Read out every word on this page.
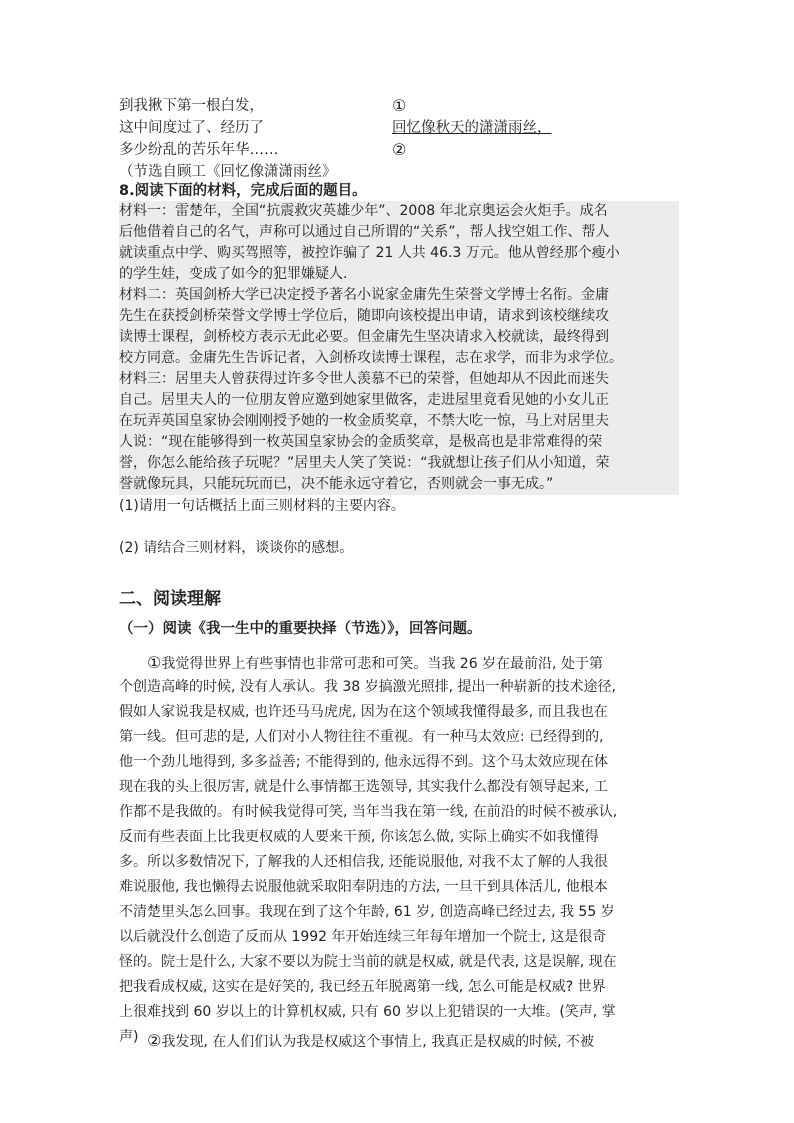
到我揪下第一根白发，
这中间度过了、经历了
多少纷乱的苦乐年华……
①
回忆像秋天的潇潇雨丝，
②
（节选自顾工《回忆像潇潇雨丝》
8.阅读下面的材料，完成后面的题目。
材料一：雷楚年，全国“抗震救灾英雄少年”、2008 年北京奥运会火炬手。成名
后他借着自己的名气，声称可以通过自己所谓的“关系”，帮人找空姐工作、帮人
就读重点中学、购买驾照等，被控诈骗了 21 人共 46.3 万元。他从曾经那个瘦小
的学生娃，变成了如今的犯罪嫌疑人.
材料二：英国剑桥大学已决定授予著名小说家金庸先生荣誉文学博士名衔。金庸
先生在获授剑桥荣誉文学博士学位后，随即向该校提出申请，请求到该校继续攻
读博士课程，剑桥校方表示无此必要。但金庸先生坚决请求入校就读，最终得到
校方同意。金庸先生告诉记者，入剑桥攻读博士课程，志在求学，而非为求学位。
材料三：居里夫人曾获得过许多令世人羡慕不已的荣誉，但她却从不因此而迷失
自己。居里夫人的一位朋友曾应邀到她家里做客，走进屋里竟看见她的小女儿正
在玩弄英国皇家协会刚刚授予她的一枚金质奖章，不禁大吃一惊，马上对居里夫
人说：“现在能够得到一枚英国皇家协会的金质奖章，是极高也是非常难得的荣
誉，你怎么能给孩子玩呢？”居里夫人笑了笑说：“我就想让孩子们从小知道，荣
誉就像玩具，只能玩玩而已，决不能永远守着它，否则就会一事无成。”
(1)请用一句话概括上面三则材料的主要内容。
(2) 请结合三则材料，谈谈你的感想。
二、阅读理解
（一）阅读《我一生中的重要抉择（节选）》，回答问题。
①我觉得世界上有些事情也非常可悲和可笑。当我 26 岁在最前沿, 处于第
个创造高峰的时候, 没有人承认。我 38 岁搞激光照排, 提出一种崭新的技术途径,
假如人家说我是权威, 也许还马马虎虎, 因为在这个领域我懂得最多, 而且我也在
第一线。但可悲的是, 人们对小人物往往不重视。有一种马太效应: 已经得到的,
他一个劲儿地得到, 多多益善; 不能得到的, 他永远得不到。这个马太效应现在体
现在我的头上很厉害, 就是什么事情都王选领导, 其实我什么都没有领导起来, 工
作都不是我做的。有时候我觉得可笑, 当年当我在第一线, 在前沿的时候不被承认,
反而有些表面上比我更权威的人要来干预, 你该怎么做, 实际上确实不如我懂得
多。所以多数情况下, 了解我的人还相信我, 还能说服他, 对我不太了解的人我很
难说服他, 我也懒得去说服他就采取阳奉阴违的方法, 一旦干到具体活儿, 他根本
不清楚里头怎么回事。我现在到了这个年龄, 61 岁, 创造高峰已经过去, 我 55 岁
以后就没什么创造了反而从 1992 年开始连续三年每年增加一个院士, 这是很奇
怪的。院士是什么, 大家不要以为院士当前的就是权威, 就是代表, 这是误解, 现在
把我看成权威, 这实在是好笑的, 我已经五年脱离第一线, 怎么可能是权威? 世界
上很难找到 60 岁以上的计算机权威, 只有 60 岁以上犯错误的一大堆。(笑声, 掌
声) ②我发现, 在人们们认为我是权威这个事情上, 我真正是权威的时候, 不被
